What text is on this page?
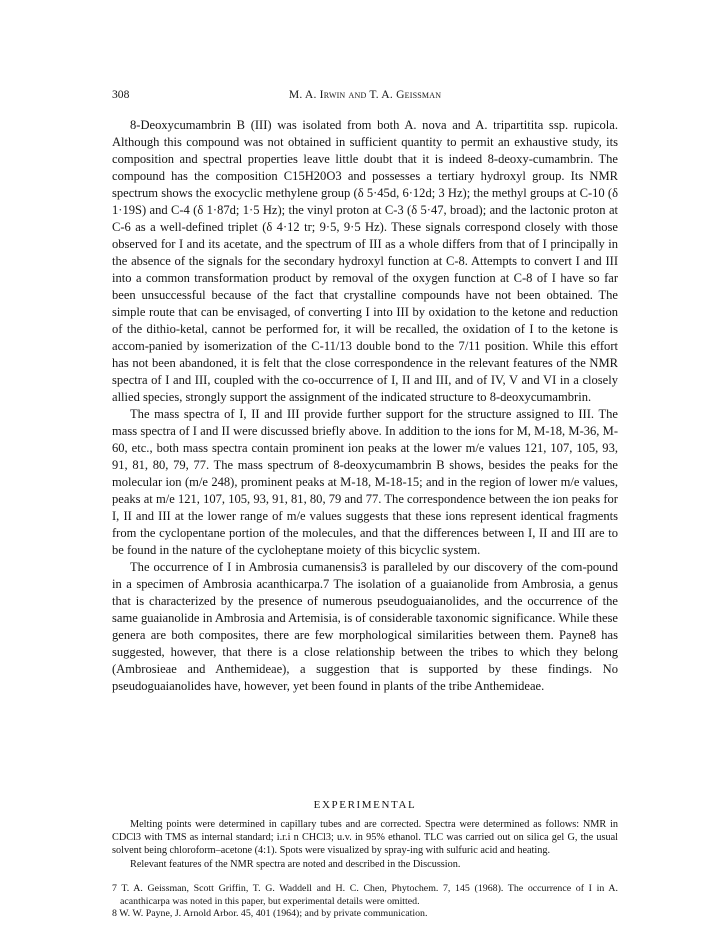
308	M. A. Irwin and T. A. Geissman

8-Deoxycumambrin B (III) was isolated from both A. nova and A. tripartitita ssp. rupicola. Although this compound was not obtained in sufficient quantity to permit an exhaustive study, its composition and spectral properties leave little doubt that it is indeed 8-deoxy-cumambrin. The compound has the composition C15H20O3 and possesses a tertiary hydroxyl group. Its NMR spectrum shows the exocyclic methylene group (δ 5·45d, 6·12d; 3 Hz); the methyl groups at C-10 (δ 1·19S) and C-4 (δ 1·87d; 1·5 Hz); the vinyl proton at C-3 (δ 5·47, broad); and the lactonic proton at C-6 as a well-defined triplet (δ 4·12 tr; 9·5, 9·5 Hz). These signals correspond closely with those observed for I and its acetate, and the spectrum of III as a whole differs from that of I principally in the absence of the signals for the secondary hydroxyl function at C-8. Attempts to convert I and III into a common transformation product by removal of the oxygen function at C-8 of I have so far been unsuccessful because of the fact that crystalline compounds have not been obtained. The simple route that can be envisaged, of converting I into III by oxidation to the ketone and reduction of the dithio-ketal, cannot be performed for, it will be recalled, the oxidation of I to the ketone is accom-panied by isomerization of the C-11/13 double bond to the 7/11 position. While this effort has not been abandoned, it is felt that the close correspondence in the relevant features of the NMR spectra of I and III, coupled with the co-occurrence of I, II and III, and of IV, V and VI in a closely allied species, strongly support the assignment of the indicated structure to 8-deoxycumambrin.

The mass spectra of I, II and III provide further support for the structure assigned to III. The mass spectra of I and II were discussed briefly above. In addition to the ions for M, M-18, M-36, M-60, etc., both mass spectra contain prominent ion peaks at the lower m/e values 121, 107, 105, 93, 91, 81, 80, 79, 77. The mass spectrum of 8-deoxycumambrin B shows, besides the peaks for the molecular ion (m/e 248), prominent peaks at M-18, M-18-15; and in the region of lower m/e values, peaks at m/e 121, 107, 105, 93, 91, 81, 80, 79 and 77. The correspondence between the ion peaks for I, II and III at the lower range of m/e values suggests that these ions represent identical fragments from the cyclopentane portion of the molecules, and that the differences between I, II and III are to be found in the nature of the cycloheptane moiety of this bicyclic system.

The occurrence of I in Ambrosia cumanensis3 is paralleled by our discovery of the com-pound in a specimen of Ambrosia acanthicarpa.7 The isolation of a guaianolide from Ambrosia, a genus that is characterized by the presence of numerous pseudoguaianolides, and the occurrence of the same guaianolide in Ambrosia and Artemisia, is of considerable taxonomic significance. While these genera are both composites, there are few morphological similarities between them. Payne8 has suggested, however, that there is a close relationship between the tribes to which they belong (Ambrosieae and Anthemideae), a suggestion that is supported by these findings. No pseudoguaianolides have, however, yet been found in plants of the tribe Anthemideae.

EXPERIMENTAL

Melting points were determined in capillary tubes and are corrected. Spectra were determined as follows: NMR in CDCl3 with TMS as internal standard; i.r.i n CHCl3; u.v. in 95% ethanol. TLC was carried out on silica gel G, the usual solvent being chloroform–acetone (4:1). Spots were visualized by spray-ing with sulfuric acid and heating.

Relevant features of the NMR spectra are noted and described in the Discussion.

7 T. A. Geissman, Scott Griffin, T. G. Waddell and H. C. Chen, Phytochem. 7, 145 (1968). The occurrence of I in A. acanthicarpa was noted in this paper, but experimental details were omitted.

8 W. W. Payne, J. Arnold Arbor. 45, 401 (1964); and by private communication.
